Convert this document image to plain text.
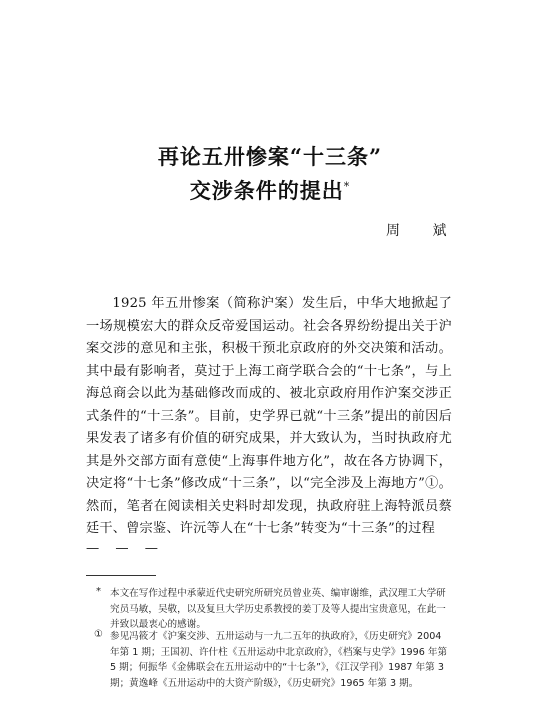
再论五卅惨案“十三条”
交涉条件的提出*
周 斌

1925 年五卅惨案（简称沪案）发生后，中华大地掀起了一场规模宏大的群众反帝爱国运动。社会各界纷纷提出关于沪案交涉的意见和主张，积极干预北京政府的外交决策和活动。其中最有影响者，莫过于上海工商学联合会的“十七条”，与上海总商会以此为基础修改而成的、被北京政府用作沪案交涉正式条件的“十三条”。目前，史学界已就“十三条”提出的前因后果发表了诸多有价值的研究成果，并大致认为，当时执政府尤其是外交部方面有意使“上海事件地方化”，故在各方协调下，决定将“十七条”修改成“十三条”，以“完全涉及上海地方”①。然而，笔者在阅读相关史料时却发现，执政府驻上海特派员蔡廷干、曾宗鉴、许沅等人在“十七条”转变为“十三条”的过程

— — —
* 本文在写作过程中承蒙近代史研究所研究员曾业英、编审谢维，武汉理工大学研究员马敏，吴敬，以及复旦大学历史系教授的姜丁及等人提出宝贵意见，在此一并致以最衷心的感谢。
① 参见冯筱才《沪案交涉、五卅运动与一九二五年的执政府》，《历史研究》2004 年第 1 期；王国初、许什柱《五卅运动中北京政府》，《档案与史学》1996 年第 5 期；何振华《金佛联会在五卅运动中的“十七条”》，《江汉学刊》1987 年第 3 期；黄逸峰《五卅运动中的大资产阶级》，《历史研究》1965 年第 3 期。
